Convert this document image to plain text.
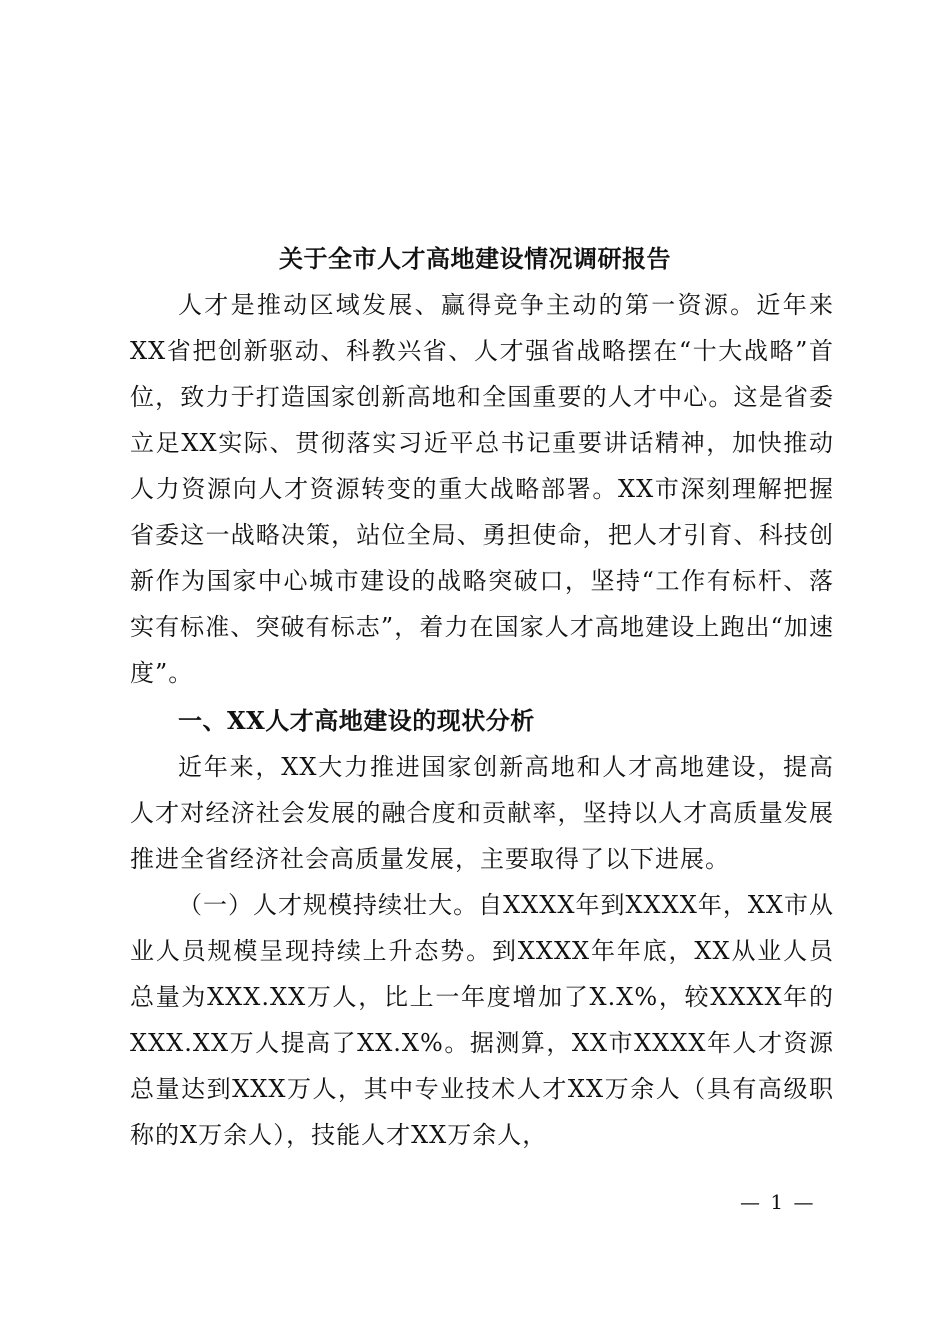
关于全市人才高地建设情况调研报告

人才是推动区域发展、赢得竞争主动的第一资源。近年来XX省把创新驱动、科教兴省、人才强省战略摆在“十大战略”首位，致力于打造国家创新高地和全国重要的人才中心。这是省委立足XX实际、贯彻落实习近平总书记重要讲话精神，加快推动人力资源向人才资源转变的重大战略部署。XX市深刻理解把握省委这一战略决策，站位全局、勇担使命，把人才引育、科技创新作为国家中心城市建设的战略突破口，坚持“工作有标杆、落实有标准、突破有标志”，着力在国家人才高地建设上跑出“加速度”。

一、XX人才高地建设的现状分析

近年来，XX大力推进国家创新高地和人才高地建设，提高人才对经济社会发展的融合度和贡献率，坚持以人才高质量发展推进全省经济社会高质量发展，主要取得了以下进展。

（一）人才规模持续壮大。自XXXX年到XXXX年，XX市从业人员规模呈现持续上升态势。到XXXX年年底，XX从业人员总量为XXX.XX万人，比上一年度增加了X.X%，较XXXX年的XXX.XX万人提高了XX.X%。据测算，XX市XXXX年人才资源总量达到XXX万人，其中专业技术人才XX万余人（具有高级职称的X万余人），技能人才XX万余人，

— 1 —
